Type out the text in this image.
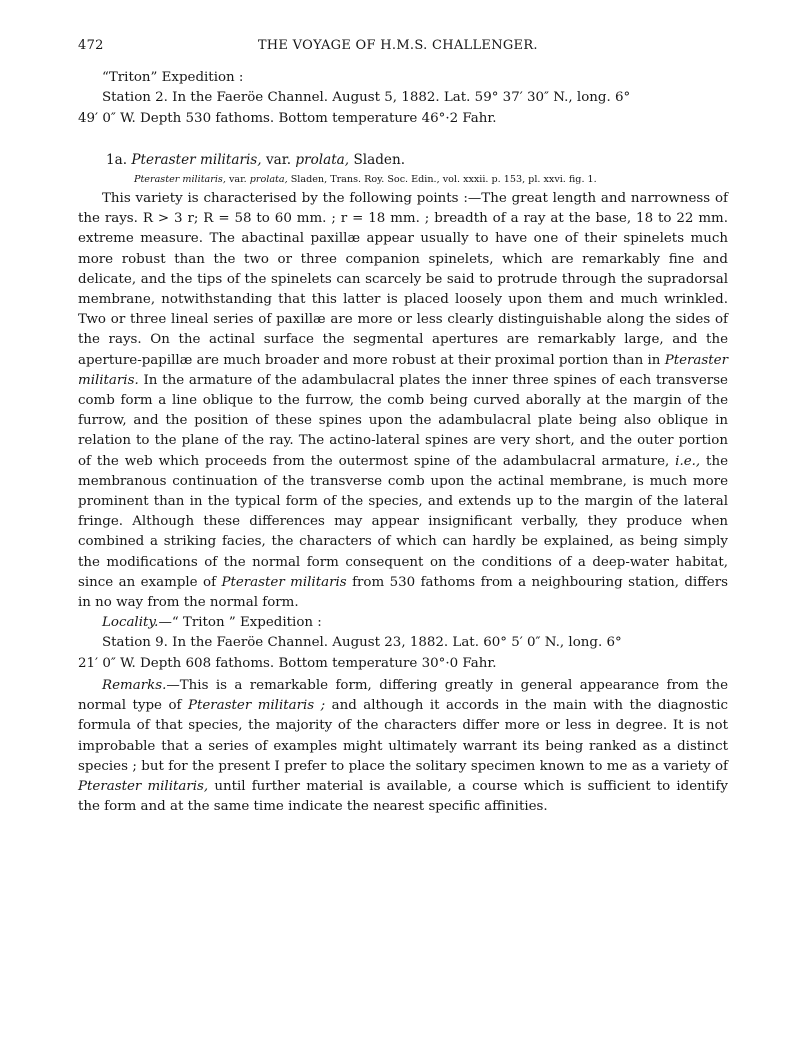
472	THE VOYAGE OF H.M.S. CHALLENGER.

“Triton” Expedition :

Station 2. In the Faeröe Channel. August 5, 1882. Lat. 59° 37′ 30″ N., long. 6°

49′ 0″ W. Depth 530 fathoms. Bottom temperature 46°·2 Fahr.

1a. Pteraster militaris, var. prolata, Sladen.

Pteraster militaris, var. prolata, Sladen, Trans. Roy. Soc. Edin., vol. xxxii. p. 153, pl. xxvi. fig. 1.

This variety is characterised by the following points :—The great length and narrowness of the rays. R > 3 r; R = 58 to 60 mm. ; r = 18 mm. ; breadth of a ray at the base, 18 to 22 mm. extreme measure. The abactinal paxillæ appear usually to have one of their spinelets much more robust than the two or three companion spinelets, which are remarkably fine and delicate, and the tips of the spinelets can scarcely be said to protrude through the supradorsal membrane, notwithstanding that this latter is placed loosely upon them and much wrinkled. Two or three lineal series of paxillæ are more or less clearly distinguishable along the sides of the rays. On the actinal surface the segmental apertures are remarkably large, and the aperture-papillæ are much broader and more robust at their proximal portion than in Pteraster militaris. In the armature of the adambulacral plates the inner three spines of each transverse comb form a line oblique to the furrow, the comb being curved aborally at the margin of the furrow, and the position of these spines upon the adambulacral plate being also oblique in relation to the plane of the ray. The actino-lateral spines are very short, and the outer portion of the web which proceeds from the outermost spine of the adambulacral armature, i.e., the membranous continuation of the transverse comb upon the actinal membrane, is much more prominent than in the typical form of the species, and extends up to the margin of the lateral fringe. Although these differences may appear insignificant verbally, they produce when combined a striking facies, the characters of which can hardly be explained, as being simply the modifications of the normal form consequent on the conditions of a deep-water habitat, since an example of Pteraster militaris from 530 fathoms from a neighbouring station, differs in no way from the normal form.

Locality.—“ Triton ” Expedition :

Station 9. In the Faeröe Channel. August 23, 1882. Lat. 60° 5′ 0″ N., long. 6°

21′ 0″ W. Depth 608 fathoms. Bottom temperature 30°·0 Fahr.

Remarks.—This is a remarkable form, differing greatly in general appearance from the normal type of Pteraster militaris ; and although it accords in the main with the diagnostic formula of that species, the majority of the characters differ more or less in degree. It is not improbable that a series of examples might ultimately warrant its being ranked as a distinct species ; but for the present I prefer to place the solitary specimen known to me as a variety of Pteraster militaris, until further material is available, a course which is sufficient to identify the form and at the same time indicate the nearest specific affinities.
